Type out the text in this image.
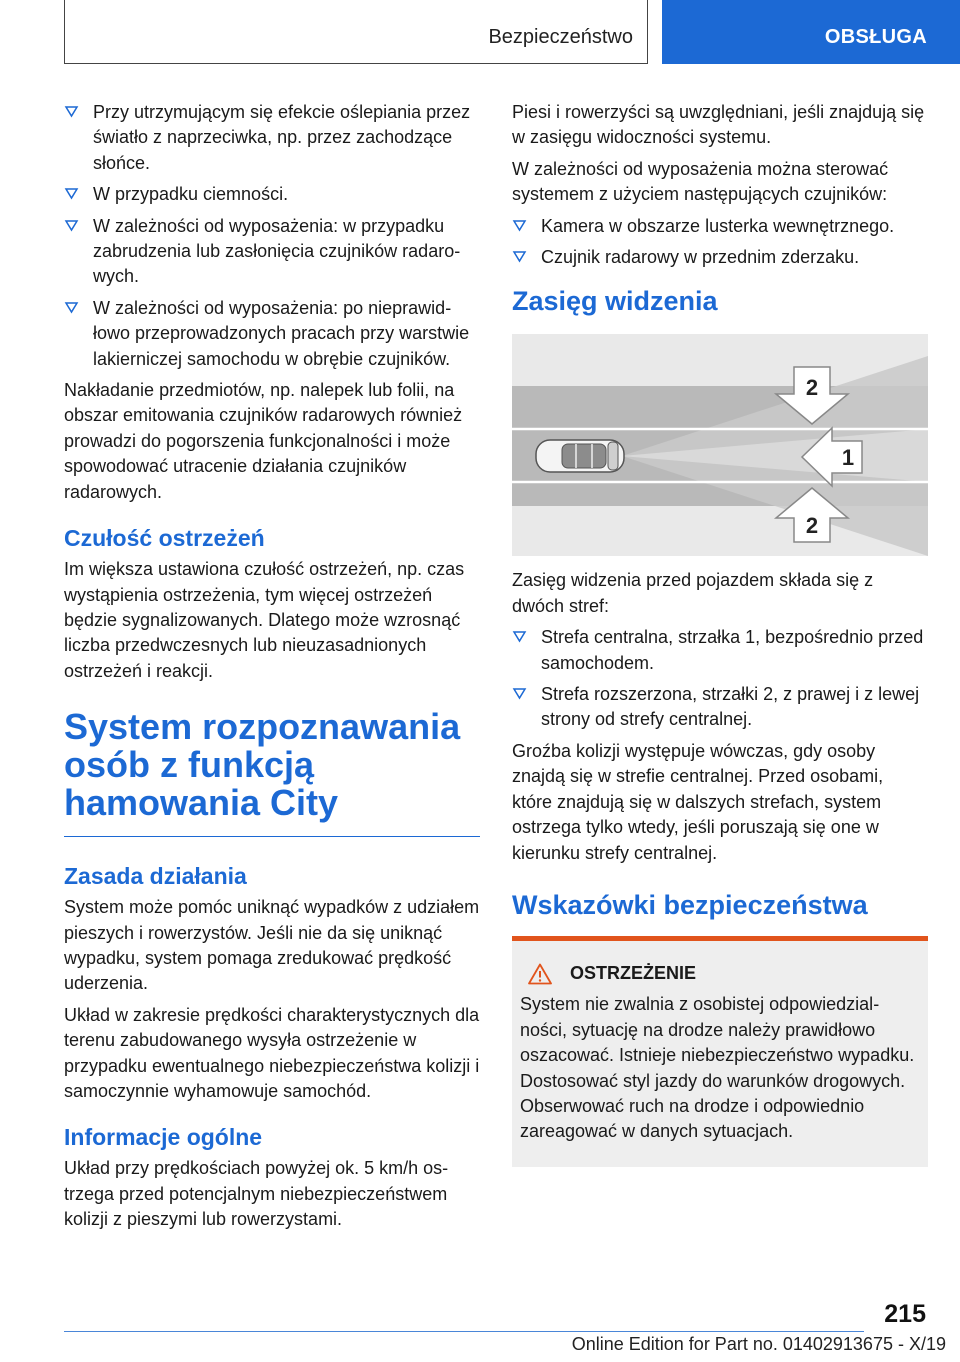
Bezpieczeństwo	OBSŁUGA
Przy utrzymującym się efekcie oślepiania przez światło z naprzeciwka, np. przez zachodzące słońce.
W przypadku ciemności.
W zależności od wyposażenia: w przypadku zabrudzenia lub zasłonięcia czujników radarowych.
W zależności od wyposażenia: po nieprawidłowo przeprowadzonych pracach przy warstwie lakierniczej samochodu w obrębie czujników.

Nakładanie przedmiotów, np. nalepek lub folii, na obszar emitowania czujników radarowych również prowadzi do pogorszenia funkcjonalności i może spowodować utracenie działania czujników radarowych.

Czułość ostrzeżeń

Im większa ustawiona czułość ostrzeżeń, np. czas wystąpienia ostrzeżenia, tym więcej ostrzeżeń będzie sygnalizowanych. Dlatego może wzrosnąć liczba przedwczesnych lub nieuzasadnionych ostrzeżeń i reakcji.

System rozpoznawania osób z funkcją hamowania City
Zasada działania

System może pomóc uniknąć wypadków z udziałem pieszych i rowerzystów. Jeśli nie da się uniknąć wypadku, system pomaga zredukować prędkość uderzenia.

Układ w zakresie prędkości charakterystycznych dla terenu zabudowanego wysyła ostrzeżenie w przypadku ewentualnego niebezpieczeństwa kolizji i samoczynnie wyhamowuje samochód.

Informacje ogólne

Układ przy prędkościach powyżej ok. 5 km/h ostrzega przed potencjalnym niebezpieczeństwem kolizji z pieszymi lub rowerzystami.

Piesi i rowerzyści są uwzględniani, jeśli znajdują się w zasięgu widoczności systemu.

W zależności od wyposażenia można sterować systemem z użyciem następujących czujników:

Kamera w obszarze lusterka wewnętrznego.
Czujnik radarowy w przednim zderzaku.
Zasięg widzenia
2
1
2

Zasięg widzenia przed pojazdem składa się z dwóch stref:

Strefa centralna, strzałka 1, bezpośrednio przed samochodem.
Strefa rozszerzona, strzałki 2, z prawej i z lewej strony od strefy centralnej.

Groźba kolizji występuje wówczas, gdy osoby znajdą się w strefie centralnej. Przed osobami, które znajdują się w dalszych strefach, system ostrzega tylko wtedy, jeśli poruszają się one w kierunku strefy centralnej.

Wskazówki bezpieczeństwa
OSTRZEŻENIE
System nie zwalnia z osobistej odpowiedzialności, sytuację na drodze należy prawidłowo oszacować. Istnieje niebezpieczeństwo wypadku. Dostosować styl jazdy do warunków drogowych. Obserwować ruch na drodze i odpowiednio zareagować w danych sytuacjach.
215
Online Edition for Part no. 01402913675 - X/19
